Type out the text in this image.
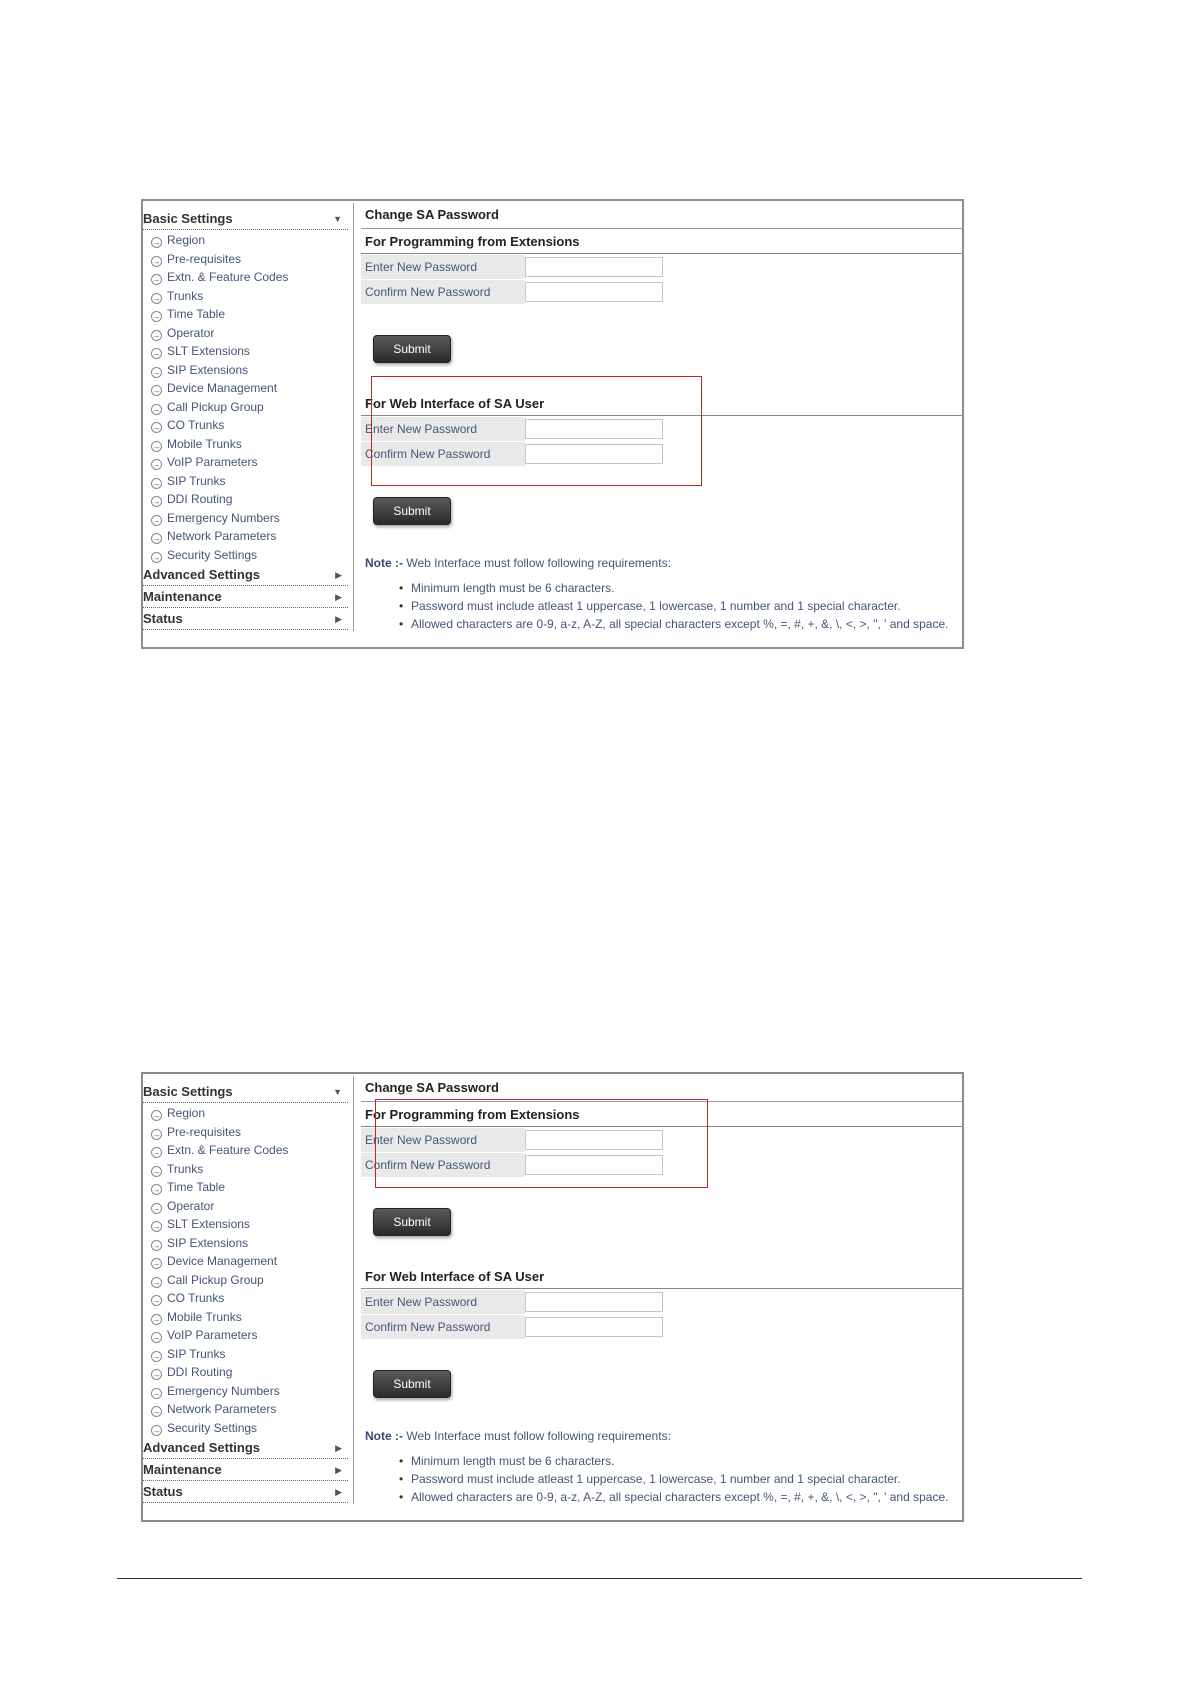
Basic Settings	▼
→ Region
→ Pre-requisites
→ Extn. & Feature Codes
→ Trunks
→ Time Table
→ Operator
→ SLT Extensions
→ SIP Extensions
→ Device Management
→ Call Pickup Group
→ CO Trunks
→ Mobile Trunks
→ VoIP Parameters
→ SIP Trunks
→ DDI Routing
→ Emergency Numbers
→ Network Parameters
→ Security Settings
Advanced Settings	▶
Maintenance	▶
Status	▶
Change SA Password
For Programming from Extensions
Enter New Password
Confirm New Password
Submit
For Web Interface of SA User
Enter New Password
Confirm New Password
Submit
Note :- Web Interface must follow following requirements:
• Minimum length must be 6 characters.
• Password must include atleast 1 uppercase, 1 lowercase, 1 number and 1 special character.
• Allowed characters are 0-9, a-z, A-Z, all special characters except %, =, #, +, &, \, <, >, ", ' and space.
Basic Settings	▼
→ Region
→ Pre-requisites
→ Extn. & Feature Codes
→ Trunks
→ Time Table
→ Operator
→ SLT Extensions
→ SIP Extensions
→ Device Management
→ Call Pickup Group
→ CO Trunks
→ Mobile Trunks
→ VoIP Parameters
→ SIP Trunks
→ DDI Routing
→ Emergency Numbers
→ Network Parameters
→ Security Settings
Advanced Settings	▶
Maintenance	▶
Status	▶
Change SA Password
For Programming from Extensions
Enter New Password
Confirm New Password
Submit
For Web Interface of SA User
Enter New Password
Confirm New Password
Submit
Note :- Web Interface must follow following requirements:
• Minimum length must be 6 characters.
• Password must include atleast 1 uppercase, 1 lowercase, 1 number and 1 special character.
• Allowed characters are 0-9, a-z, A-Z, all special characters except %, =, #, +, &, \, <, >, ", ' and space.
